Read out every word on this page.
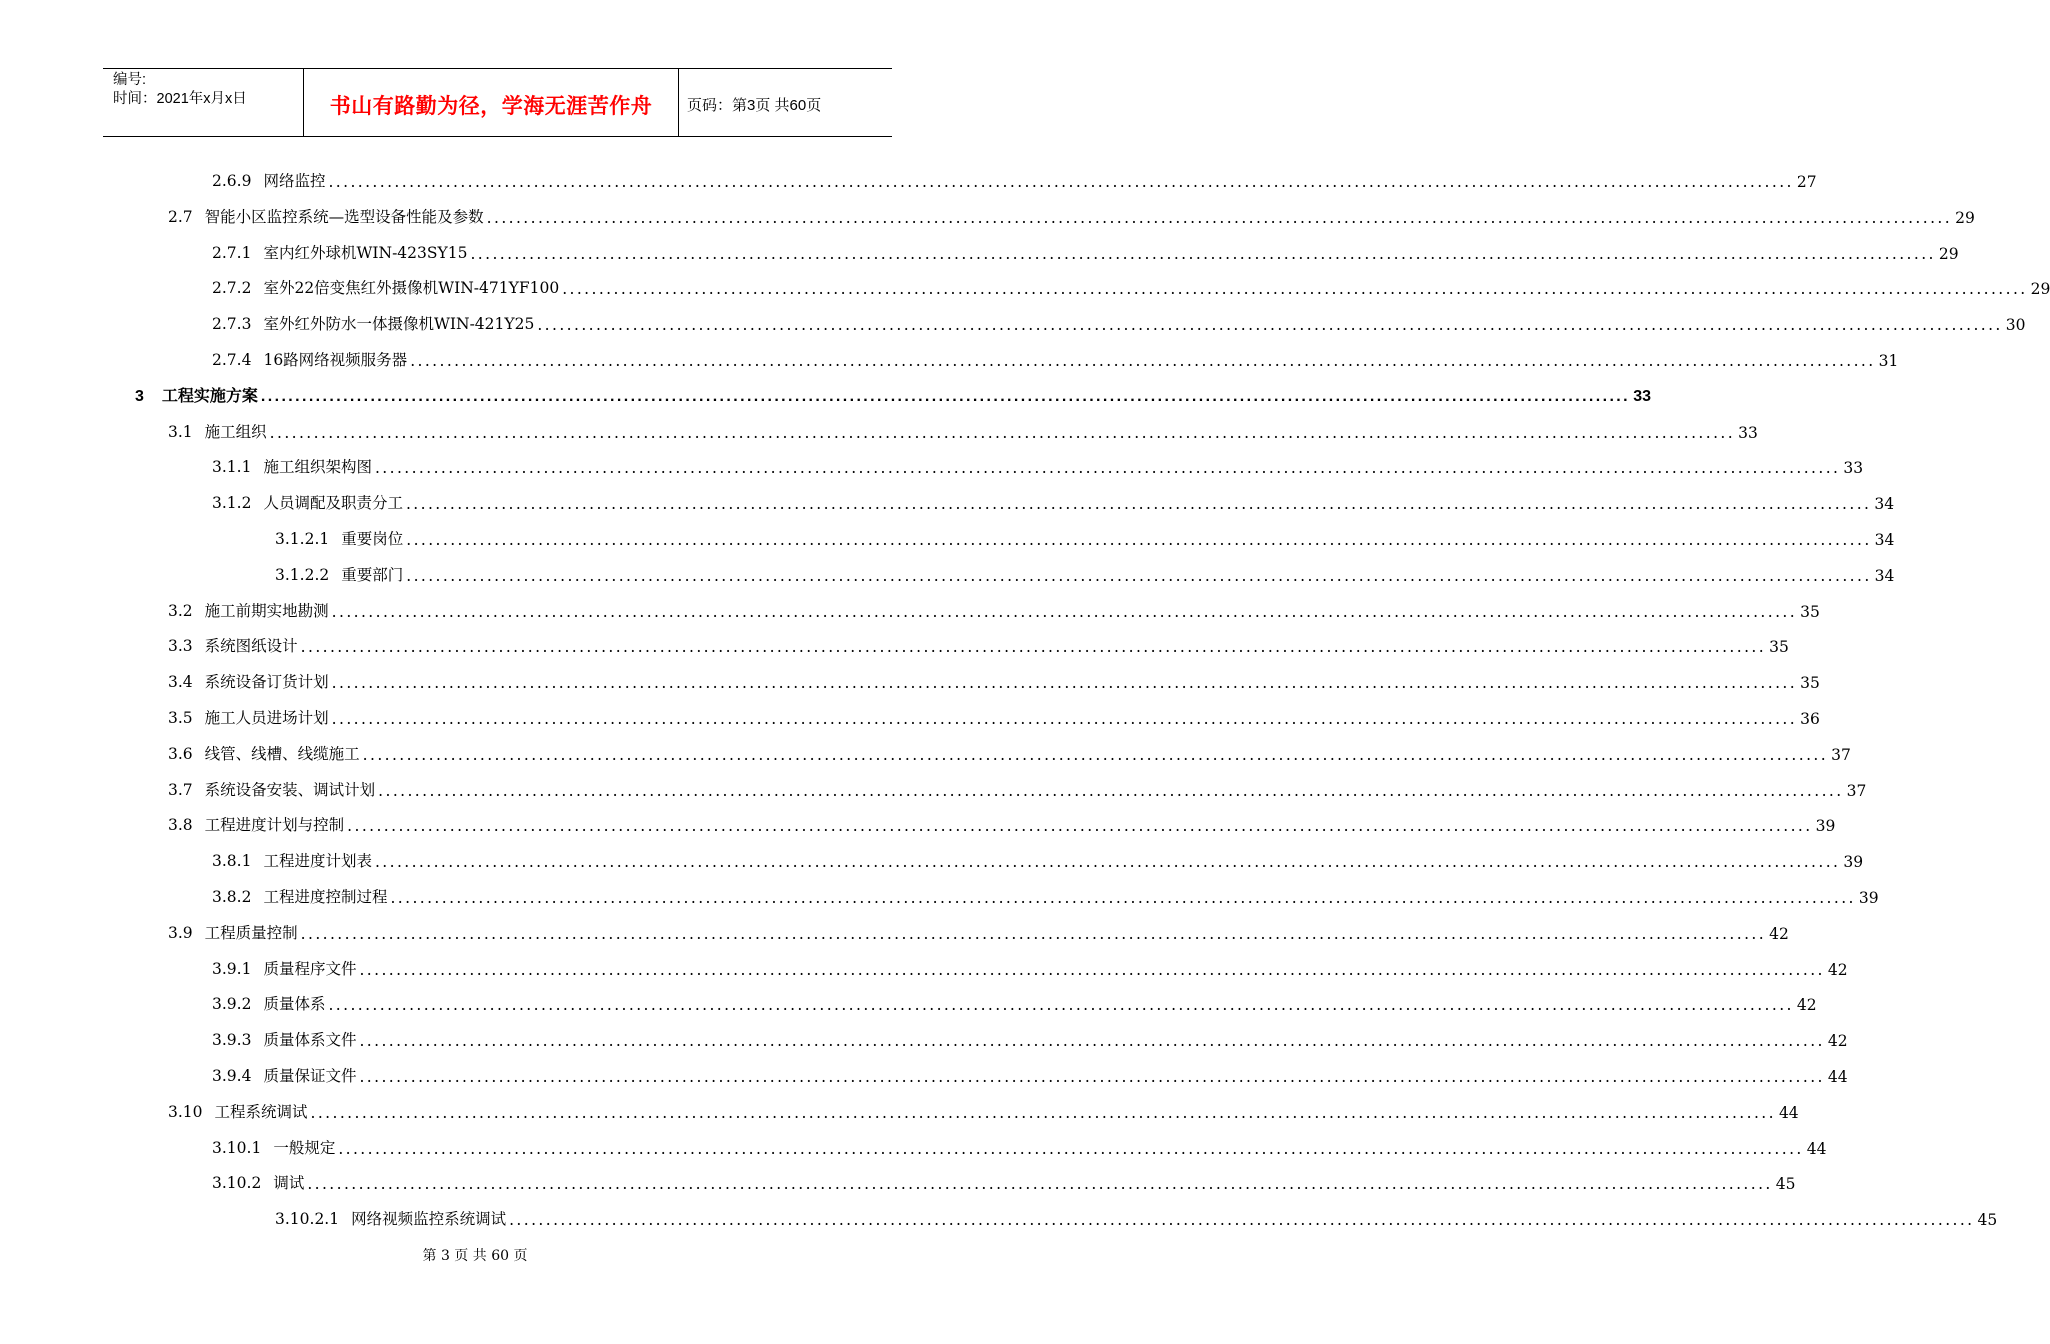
编号:
时间：2021年x月x日	书山有路勤为径，学海无涯苦作舟	页码：第3页 共60页
2.6.9 网络监控 ........................................................................................................................................................................................................ 27
2.7 智能小区监控系统—选型设备性能及参数 ........................................................................................................................................................................................................ 29
2.7.1 室内红外球机WIN-423SY15 ........................................................................................................................................................................................................ 29
2.7.2 室外22倍变焦红外摄像机WIN-471YF100 ........................................................................................................................................................................................................ 29
2.7.3 室外红外防水一体摄像机WIN-421Y25 ........................................................................................................................................................................................................ 30
2.7.4 16路网络视频服务器 ........................................................................................................................................................................................................ 31
3 工程实施方案 ........................................................................................................................................................................................................ 33
3.1 施工组织 ........................................................................................................................................................................................................ 33
3.1.1 施工组织架构图 ........................................................................................................................................................................................................ 33
3.1.2 人员调配及职责分工 ........................................................................................................................................................................................................ 34
3.1.2.1 重要岗位 ........................................................................................................................................................................................................ 34
3.1.2.2 重要部门 ........................................................................................................................................................................................................ 34
3.2 施工前期实地勘测 ........................................................................................................................................................................................................ 35
3.3 系统图纸设计 ........................................................................................................................................................................................................ 35
3.4 系统设备订货计划 ........................................................................................................................................................................................................ 35
3.5 施工人员进场计划 ........................................................................................................................................................................................................ 36
3.6 线管、线槽、线缆施工 ........................................................................................................................................................................................................ 37
3.7 系统设备安装、调试计划 ........................................................................................................................................................................................................ 37
3.8 工程进度计划与控制 ........................................................................................................................................................................................................ 39
3.8.1 工程进度计划表 ........................................................................................................................................................................................................ 39
3.8.2 工程进度控制过程 ........................................................................................................................................................................................................ 39
3.9 工程质量控制 ........................................................................................................................................................................................................ 42
3.9.1 质量程序文件 ........................................................................................................................................................................................................ 42
3.9.2 质量体系 ........................................................................................................................................................................................................ 42
3.9.3 质量体系文件 ........................................................................................................................................................................................................ 42
3.9.4 质量保证文件 ........................................................................................................................................................................................................ 44
3.10 工程系统调试 ........................................................................................................................................................................................................ 44
3.10.1 一般规定 ........................................................................................................................................................................................................ 44
3.10.2 调试 ........................................................................................................................................................................................................ 45
3.10.2.1 网络视频监控系统调试 ........................................................................................................................................................................................................ 45
第 3 页 共 60 页
